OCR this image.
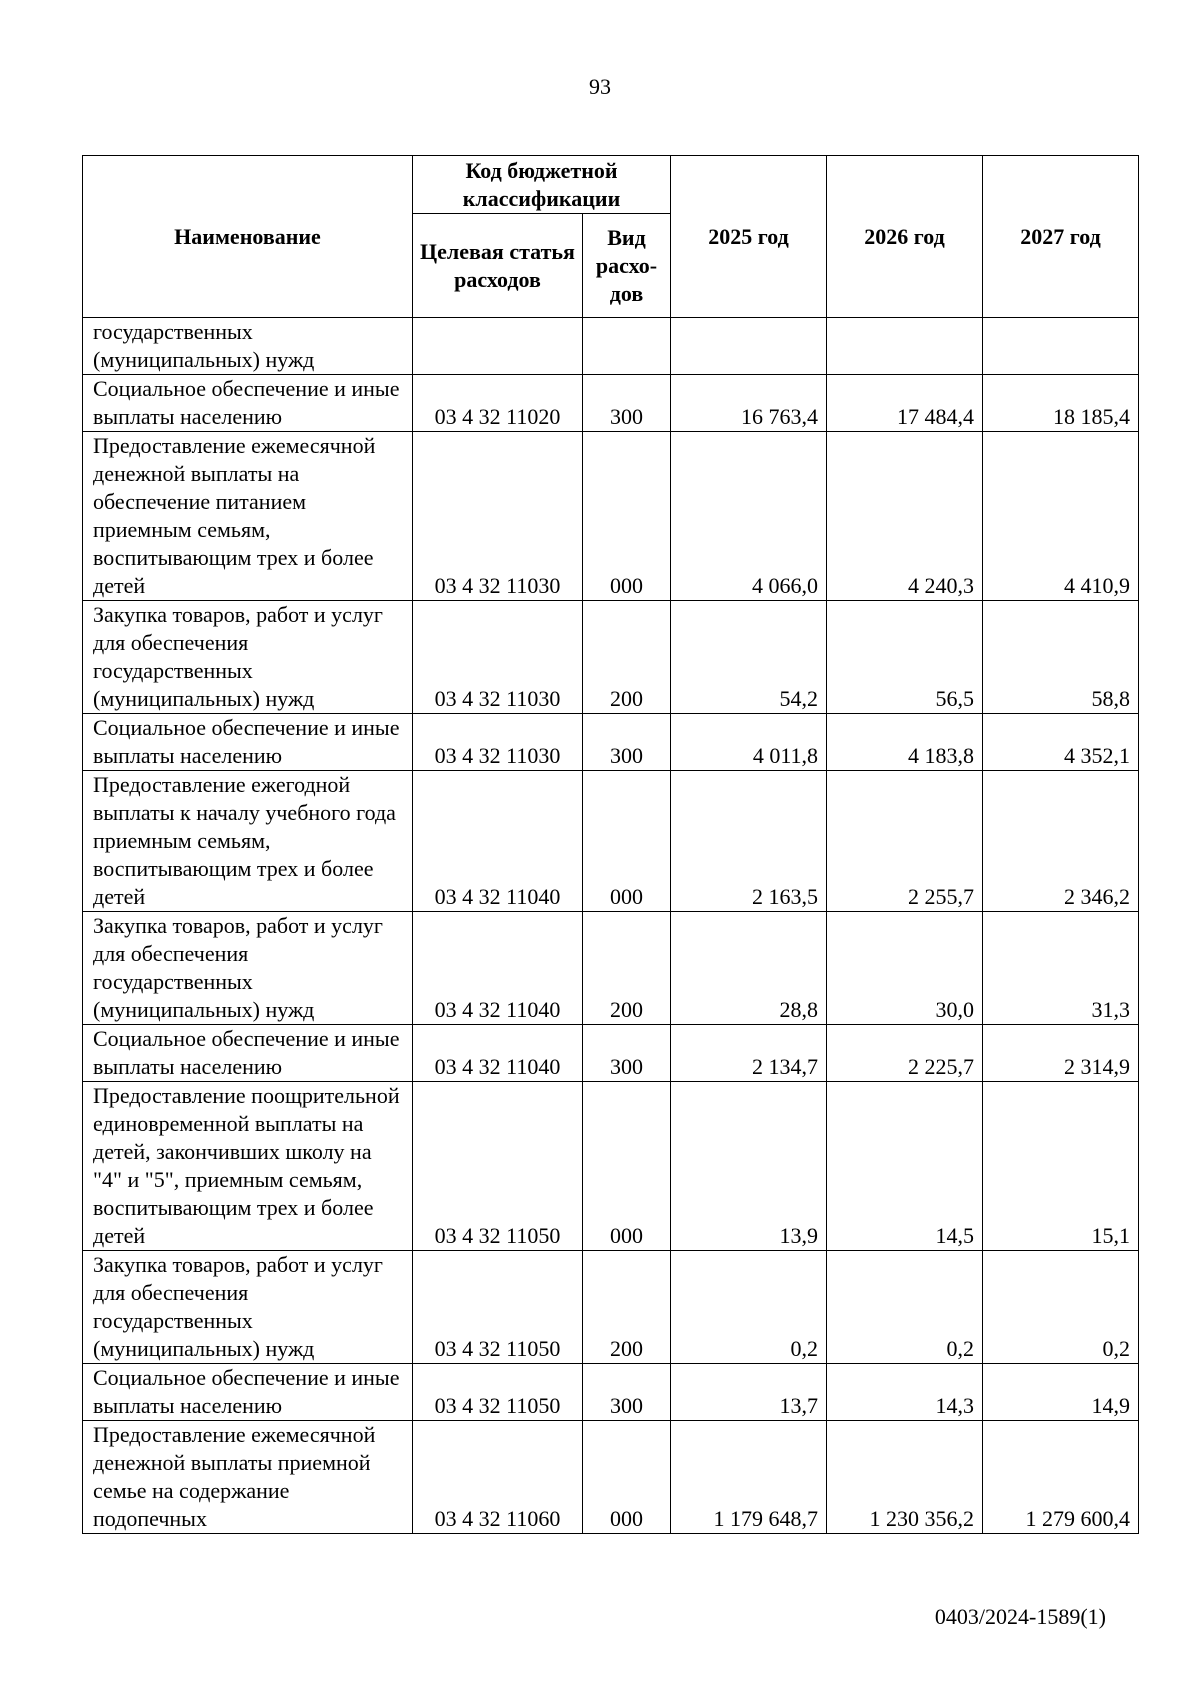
93
Наименование	Код бюджетной классификации		2025 год	2026 год	2027 год
	Целевая статья расходов	Вид расхо-дов			
государственных (муниципальных) нужд					
Социальное обеспечение и иные выплаты населению	03 4 32 11020	300	16 763,4	17 484,4	18 185,4
Предоставление ежемесячной денежной выплаты на обеспечение питанием приемным семьям, воспитывающим трех и более детей	03 4 32 11030	000	4 066,0	4 240,3	4 410,9
Закупка товаров, работ и услуг для обеспечения государственных (муниципальных) нужд	03 4 32 11030	200	54,2	56,5	58,8
Социальное обеспечение и иные выплаты населению	03 4 32 11030	300	4 011,8	4 183,8	4 352,1
Предоставление ежегодной выплаты к началу учебного года приемным семьям, воспитывающим трех и более детей	03 4 32 11040	000	2 163,5	2 255,7	2 346,2
Закупка товаров, работ и услуг для обеспечения государственных (муниципальных) нужд	03 4 32 11040	200	28,8	30,0	31,3
Социальное обеспечение и иные выплаты населению	03 4 32 11040	300	2 134,7	2 225,7	2 314,9
Предоставление поощрительной единовременной выплаты на детей, закончивших школу на "4" и "5", приемным семьям, воспитывающим трех и более детей	03 4 32 11050	000	13,9	14,5	15,1
Закупка товаров, работ и услуг для обеспечения государственных (муниципальных) нужд	03 4 32 11050	200	0,2	0,2	0,2
Социальное обеспечение и иные выплаты населению	03 4 32 11050	300	13,7	14,3	14,9
Предоставление ежемесячной денежной выплаты приемной семье на содержание подопечных	03 4 32 11060	000	1 179 648,7	1 230 356,2	1 279 600,4
0403/2024-1589(1)
